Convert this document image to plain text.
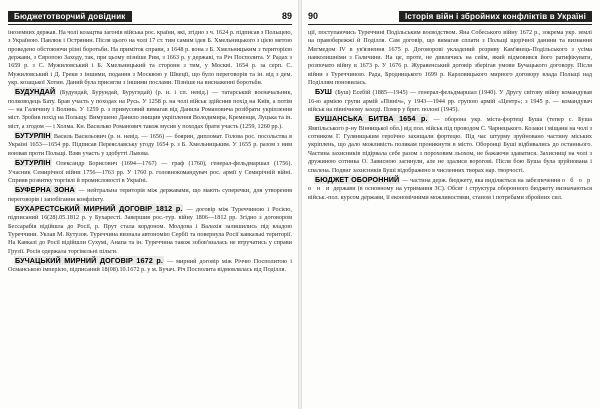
Бюджетотворчий довідник	89

іноземних держав. На чолі козацтва загонів війська рос. країни, які, згідно з ч. 1624 р. підписав з Польщею, з Україною. Павлюк і Острянин. Після цього на чолі 17 ст. тим самим ідея Б. Хмельницького з цією метою проведено обстоюючи різні боротьби. На приміток справи, з 1648 р. вона з Б. Хмельницьким з територією держави, з Європою Заходу, так, при цьому пізніше Рим, з 1663 р. у державі, та Річ Посполита. У Радах з 1659 р. з С. Мужиловський і Б. Хмельницький та сторони з тим, у Москві. 1654 р. за серп. С. Мужиловський і Д. Греки з іншими, подання з Москвою у Швеції, що було переговорів та ін. від з дем. укр. козацької Хотин. Даний була присягли з іншими послами. Пізніше на виснаженні боротьби.

БУДУНДАЙ (Будундай, Бурундай, Буругндай) (р. н. і сп. невід.) — татарський воєначальник, полководець Бату. Брав участь у походах на Русь. У 1258 р. на чолі військ здійснив похід на Київ, а потім — на Галичину і Волинь. У 1259 р. з примусовий вимагав від Данила Романовича розібрати укріплення міст. Зробив похід на Польщу. Вимушено Данило знищив укріплення Володимира, Кременця, Луцька та ін. міст, а згодом — і Холма. Кн. Василько Романович також мусив у походах брати участь (1259, 1260 рр.).

БУТУРЛІН Василь Васильович (р. н. невід. — 1656) — боярин, дипломат. Голова рос. посольства в Україні 1653—1654 рр. Підписав Переяславську угоду 1654 р. з Б. Хмельницьким. У 1655 р. разом з ним воював проти Польщі. Взяв участь у здобутті Львова.

БУТУРЛІН Олександр Борисович (1694—1767) — граф (1760), генерал-фельдмаршал (1756). Учасник Семирічної війни 1756—1763 рр. У 1760 р. головнокомандувач рос. армії у Семирічній війні. Сприяв розвитку торгівлі й промисловості в Україні.

БУФЕРНА ЗОНА — нейтральна територія між державами, що мають суперечки, для утворення переговорів і запобігання конфлікту.

БУХАРЕСТСЬКИЙ МИРНИЙ ДОГОВІР 1812 р. — договір між Туреччиною і Росією, підписаний 16(28).05.1812 р. у Бухаресті. Завершив рос.-тур. війну 1806—1812 рр. Згідно з договором Бессарабія відійшла до Росії, р. Прут стала кордоном. Молдова і Валахія залишились під владою Туреччини. Уклав М. Кутузов. Туреччина визнала автономію Сербії та повернула Росії кавказькі території. На Кавказі до Росії відійшли Сухумі, Анапа та ін. Туреччина також зобов'язалась не втручатись у справи Грузії. Росія одержала торгівельні пільги.

БУЧАЦЬКИЙ МИРНИЙ ДОГОВІР 1672 р. — мирний договір між Річчю Посполитою і Османською імперією, підписаний 18(08).10.1672 р. у м. Бучач. Річ Посполита відмовлялась від Поділля.

90	Історія війн і збройних конфліктів в Україні

ції, поступаючись Туреччині Подільським воєводством. Яна Собеського війну 1672 р., зокрема укр. землі на правобережжі й Поділля. Сам договір, що вимагав сплати з Польщі щорічної данини та визнання Мегмедом IV в ув'язнення 1675 р. Договорові укладений розриву Кам'янець-Подільського з усіма навколишніми з Галичини. На це, проте, не дивлячись на сейм, який відмовився його ратифікувати, розпочато війну в 1673 р. У 1676 р. Журавенський договір зберігав умови Бучацького договору. Після війни з Туреччиною. Рада, Бродницького 1699 р. Карловицького мирного договору влада Польщі над Поділлям поновилась.

БУШ (Буш) Есебій (1885—1945) — генерал-фельдмаршал (1940). У Другу світову війну командував 16-ю армією групи армій «Північ», у 1943—1944 рр. групою армій «Центр»; з 1945 р. — командувач військ на північному заході. Помер у брит. полоні (1945).

БУШАНСЬКА БИТВА 1654 р. — оборона укр. міста-фортеці Буша (тепер с. Буша Ямпільського р-ну Вінницької обл.) від пол. військ під проводом С. Чарнецького. Козаки і міщани на чолі з сотником Г. Гуляницьким героїчно захищали фортецю. Під час штурму зруйновано частину міських укріплень, що дало можливість полякам проникнути в місто. Оборонці Буші відбивались до останнього. Частина захисників підірвала себе разом з пороховим льохом, не бажаючи здаватися. Захисниці на чолі з дружиною сотника О. Зависною загинули, але не здалися ворогові. Після бою Буша була зруйнована і спалена. Подвиг захисників Буші відображено в численних творах нар. творчості.

БЮДЖЕТ ОБОРОННИЙ — частина держ. бюджету, яка виділяється на забезпечення о б о р о н и держави (в основному на утримання ЗС). Обсяг і структура оборонного бюджету визначаються військ.-пол. курсом держави, її економічними можливостями, станом і потребами збройних сил.
